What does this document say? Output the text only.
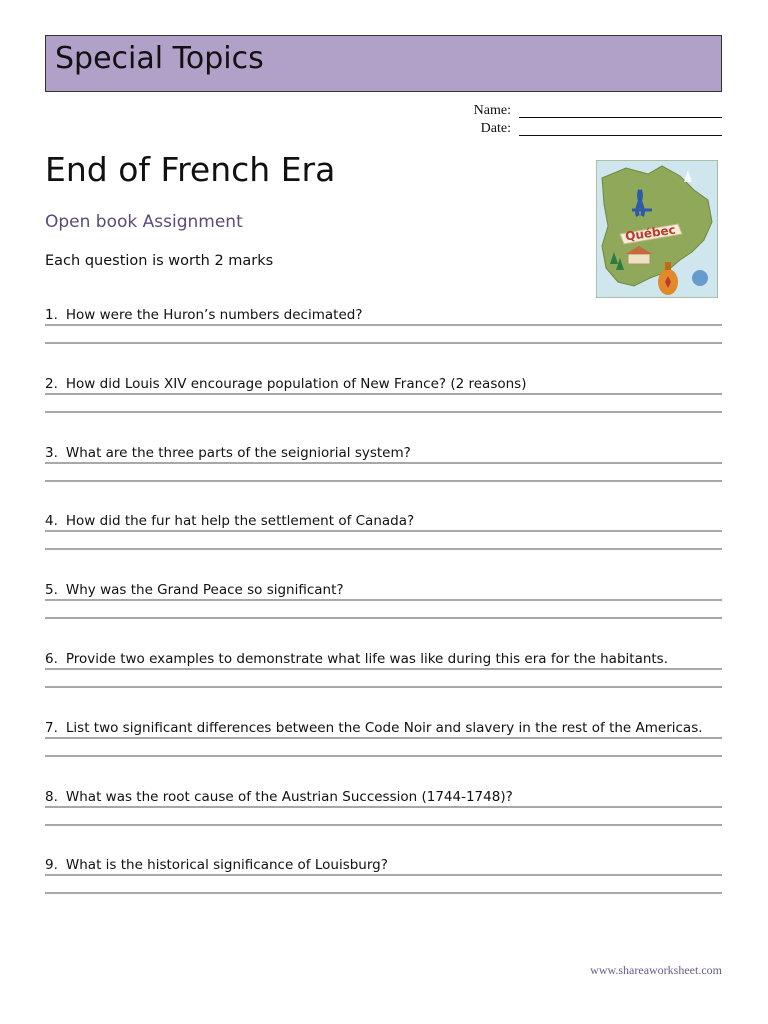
Special Topics
Name:
Date:
End of French Era
Open book Assignment
Each question is worth 2 marks
Québec
1. How were the Huron’s numbers decimated?
2. How did Louis XIV encourage population of New France? (2 reasons)
3. What are the three parts of the seigniorial system?
4. How did the fur hat help the settlement of Canada?
5. Why was the Grand Peace so significant?
6. Provide two examples to demonstrate what life was like during this era for the habitants.
7. List two significant differences between the Code Noir and slavery in the rest of the Americas.
8. What was the root cause of the Austrian Succession (1744-1748)?
9. What is the historical significance of Louisburg?
www.shareaworksheet.com
